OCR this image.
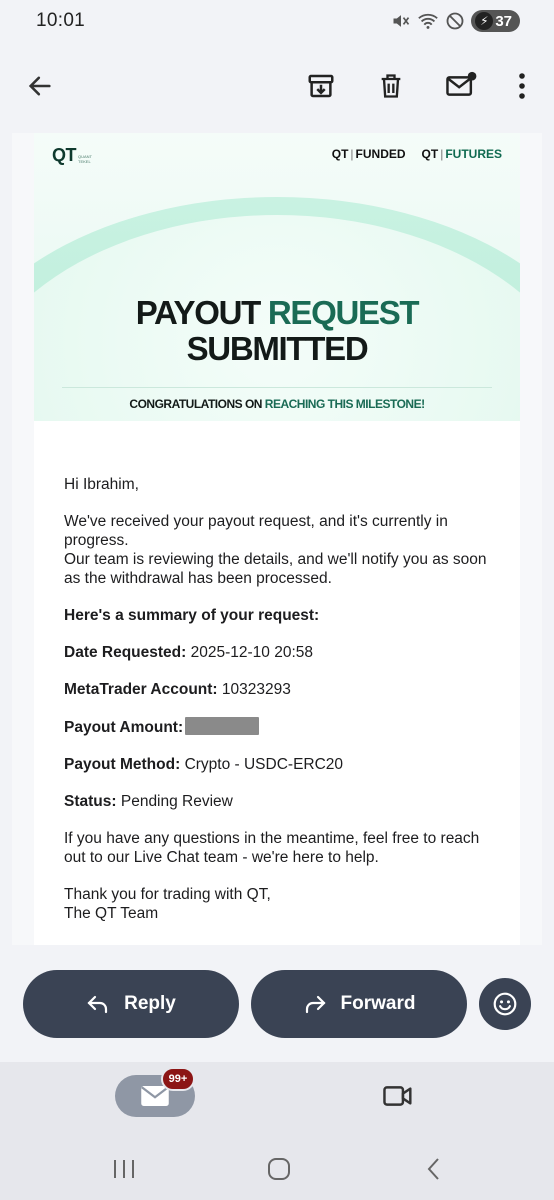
10:01	⚡ 37
QT QUANT TEKEL
QT | FUNDED QT | FUTURES
PAYOUT REQUEST
SUBMITTED
CONGRATULATIONS ON REACHING THIS MILESTONE!

Hi Ibrahim,

We've received your payout request, and it's currently in progress.
Our team is reviewing the details, and we'll notify you as soon as the withdrawal has been processed.

Here's a summary of your request:

Date Requested: 2025-12-10 20:58

MetaTrader Account: 10323293

Payout Amount:

Payout Method: Crypto - USDC-ERC20

Status: Pending Review

If you have any questions in the meantime, feel free to reach out to our Live Chat team - we're here to help.

Thank you for trading with QT,
The QT Team

Reply	Forward
99+
